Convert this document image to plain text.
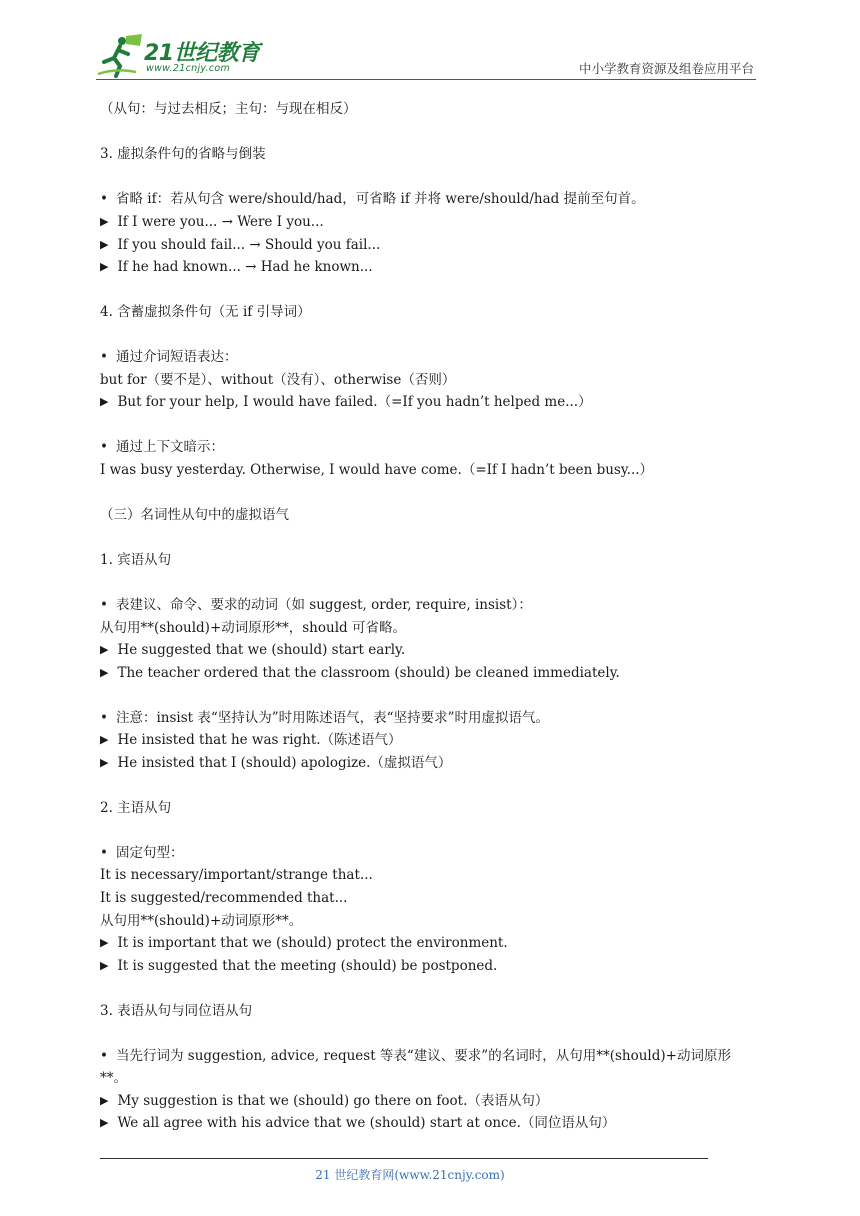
21世纪教育
www.21cnjy.com	中小学教育资源及组卷应用平台
（从句：与过去相反；主句：与现在相反）
3. 虚拟条件句的省略与倒装
• 省略 if：若从句含 were/should/had，可省略 if 并将 were/should/had 提前至句首。
▶ If I were you... → Were I you...
▶ If you should fail... → Should you fail...
▶ If he had known... → Had he known...
4. 含蓄虚拟条件句（无 if 引导词）
• 通过介词短语表达：
but for（要不是）、without（没有）、otherwise（否则）
▶ But for your help, I would have failed.（=If you hadn’t helped me...）
• 通过上下文暗示：
I was busy yesterday. Otherwise, I would have come.（=If I hadn’t been busy...）
（三）名词性从句中的虚拟语气
1. 宾语从句
• 表建议、命令、要求的动词（如 suggest, order, require, insist）：
从句用**(should)+动词原形**，should 可省略。
▶ He suggested that we (should) start early.
▶ The teacher ordered that the classroom (should) be cleaned immediately.
• 注意：insist 表“坚持认为”时用陈述语气，表“坚持要求”时用虚拟语气。
▶ He insisted that he was right.（陈述语气）
▶ He insisted that I (should) apologize.（虚拟语气）
2. 主语从句
• 固定句型：
It is necessary/important/strange that...
It is suggested/recommended that...
从句用**(should)+动词原形**。
▶ It is important that we (should) protect the environment.
▶ It is suggested that the meeting (should) be postponed.
3. 表语从句与同位语从句
• 当先行词为 suggestion, advice, request 等表“建议、要求”的名词时，从句用**(should)+动词原形
**。
▶ My suggestion is that we (should) go there on foot.（表语从句）
▶ We all agree with his advice that we (should) start at once.（同位语从句）
21 世纪教育网(www.21cnjy.com)
